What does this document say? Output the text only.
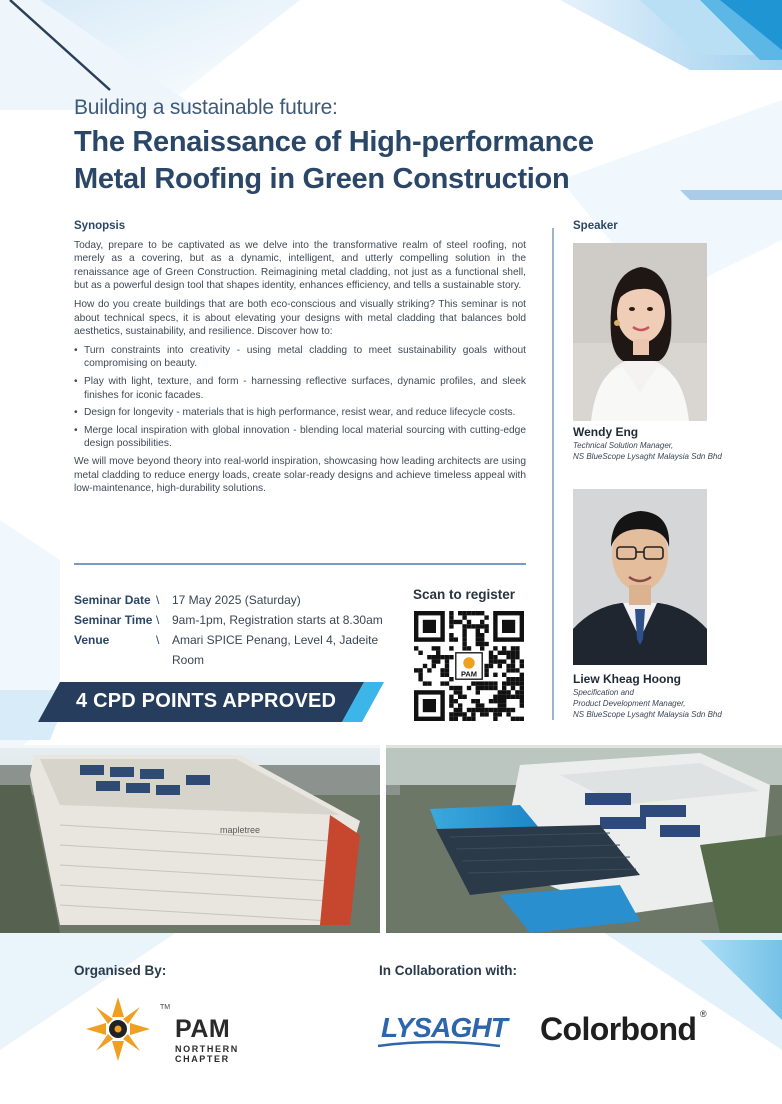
Building a sustainable future:
The Renaissance of High-performance
Metal Roofing in Green Construction
Synopsis

Today, prepare to be captivated as we delve into the transformative realm of steel roofing, not merely as a covering, but as a dynamic, intelligent, and utterly compelling solution in the renaissance age of Green Construction. Reimagining metal cladding, not just as a functional shell, but as a powerful design tool that shapes identity, enhances efficiency, and tells a sustainable story.

How do you create buildings that are both eco-conscious and visually striking? This seminar is not about technical specs, it is about elevating your designs with metal cladding that balances bold aesthetics, sustainability, and resilience. Discover how to:

• Turn constraints into creativity - using metal cladding to meet sustainability goals without compromising on beauty.
• Play with light, texture, and form - harnessing reflective surfaces, dynamic profiles, and sleek finishes for iconic facades.
• Design for longevity - materials that is high performance, resist wear, and reduce lifecycle costs.
• Merge local inspiration with global innovation - blending local material sourcing with cutting-edge design possibilities.

We will move beyond theory into real-world inspiration, showcasing how leading architects are using metal cladding to reduce energy loads, create solar-ready designs and achieve timeless appeal with low-maintenance, high-durability solutions.

Seminar Date \	17 May 2025 (Saturday)
Seminar Time \	9am-1pm, Registration starts at 8.30am
Venue	\	Amari SPICE Penang, Level 4, Jadeite Room
4 CPD POINTS APPROVED
Scan to register
PAM
Speaker
Wendy Eng
Technical Solution Manager,
NS BlueScope Lysaght Malaysia Sdn Bhd
Liew Kheag Hoong
Specification and
Product Development Manager,
NS BlueScope Lysaght Malaysia Sdn Bhd
mapletree
Organised By:	In Collaboration with:
TM
PAM
NORTHERN
CHAPTER
LYSAGHT Colorbond ®
